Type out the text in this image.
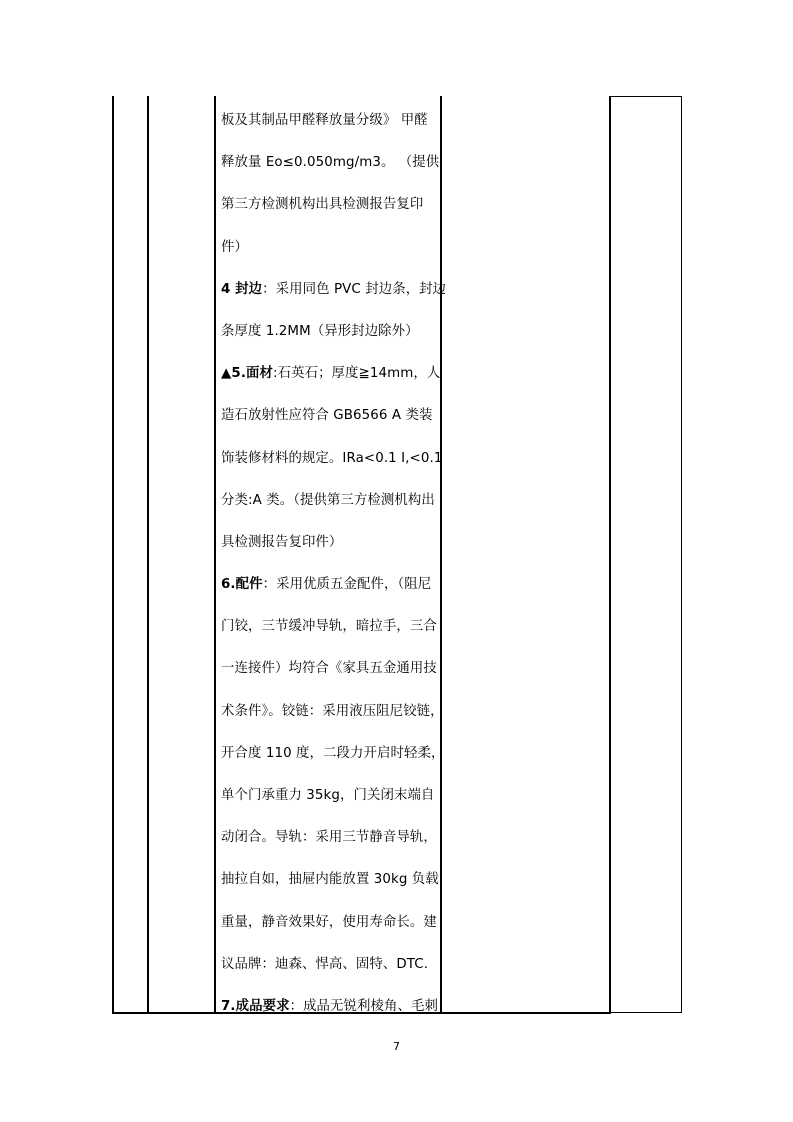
板及其制品甲醛释放量分级》 甲醛
释放量 Eo≤0.050mg/m3。 （提供
第三方检测机构出具检测报告复印
件）
4 封边：采用同色 PVC 封边条，封边
条厚度 1.2MM（异形封边除外）
▲5.面材:石英石；厚度≧14mm，人
造石放射性应符合 GB6566 A 类装
饰装修材料的规定。IRa<0.1 I,<0.1
分类:A 类。（提供第三方检测机构出
具检测报告复印件）
6.配件：采用优质五金配件，（阻尼
门铰，三节缓冲导轨，暗拉手，三合
一连接件）均符合《家具五金通用技
术条件》。铰链：采用液压阻尼铰链，
开合度 110 度，二段力开启时轻柔，
单个门承重力 35kg，门关闭末端自
动闭合。导轨：采用三节静音导轨，
抽拉自如，抽屉内能放置 30kg 负载
重量，静音效果好，使用寿命长。建
议品牌：迪森、悍高、固特、DTC.
7.成品要求：成品无锐利棱角、毛刺
7
